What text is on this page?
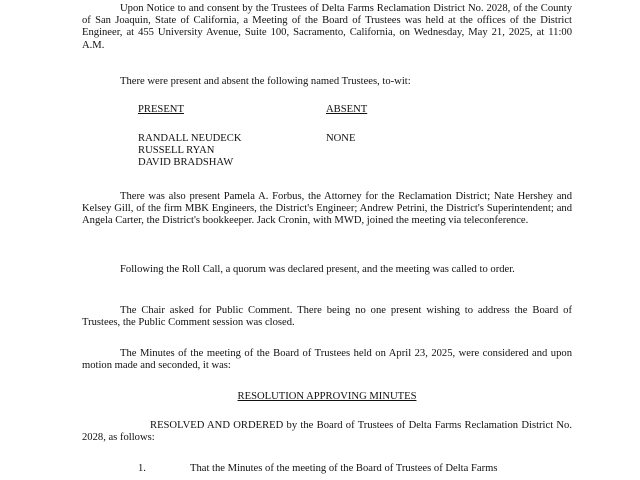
Upon Notice to and consent by the Trustees of Delta Farms Reclamation District No. 2028, of the County of San Joaquin, State of California, a Meeting of the Board of Trustees was held at the offices of the District Engineer, at 455 University Avenue, Suite 100, Sacramento, California, on Wednesday, May 21, 2025, at 11:00 A.M.

There were present and absent the following named Trustees, to-wit:

PRESENT	ABSENT

RANDALL NEUDECK
RUSSELL RYAN
DAVID BRADSHAW

NONE

There was also present Pamela A. Forbus, the Attorney for the Reclamation District; Nate Hershey and Kelsey Gill, of the firm MBK Engineers, the District's Engineer; Andrew Petrini, the District's Superintendent; and Angela Carter, the District's bookkeeper. Jack Cronin, with MWD, joined the meeting via teleconference.

Following the Roll Call, a quorum was declared present, and the meeting was called to order.

The Chair asked for Public Comment. There being no one present wishing to address the Board of Trustees, the Public Comment session was closed.

The Minutes of the meeting of the Board of Trustees held on April 23, 2025, were considered and upon motion made and seconded, it was:

RESOLUTION APPROVING MINUTES

RESOLVED AND ORDERED by the Board of Trustees of Delta Farms Reclamation District No. 2028, as follows:

1.	That the Minutes of the meeting of the Board of Trustees of Delta Farms
